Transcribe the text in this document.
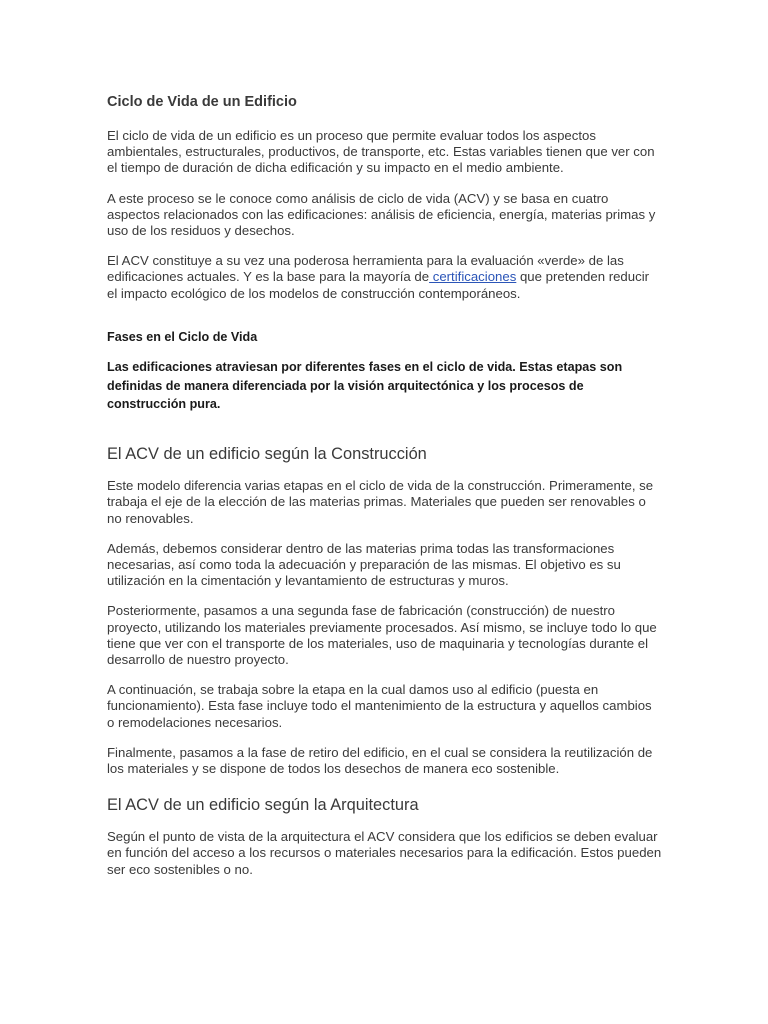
Ciclo de Vida de un Edificio

El ciclo de vida de un edificio es un proceso que permite evaluar todos los aspectos ambientales, estructurales, productivos, de transporte, etc. Estas variables tienen que ver con el tiempo de duración de dicha edificación y su impacto en el medio ambiente.

A este proceso se le conoce como análisis de ciclo de vida (ACV) y se basa en cuatro aspectos relacionados con las edificaciones: análisis de eficiencia, energía, materias primas y uso de los residuos y desechos.

El ACV constituye a su vez una poderosa herramienta para la evaluación «verde» de las edificaciones actuales. Y es la base para la mayoría de certificaciones que pretenden reducir el impacto ecológico de los modelos de construcción contemporáneos.

Fases en el Ciclo de Vida

Las edificaciones atraviesan por diferentes fases en el ciclo de vida. Estas etapas son definidas de manera diferenciada por la visión arquitectónica y los procesos de construcción pura.

El ACV de un edificio según la Construcción

Este modelo diferencia varias etapas en el ciclo de vida de la construcción. Primeramente, se trabaja el eje de la elección de las materias primas. Materiales que pueden ser renovables o no renovables.

Además, debemos considerar dentro de las materias prima todas las transformaciones necesarias, así como toda la adecuación y preparación de las mismas. El objetivo es su utilización en la cimentación y levantamiento de estructuras y muros.

Posteriormente, pasamos a una segunda fase de fabricación (construcción) de nuestro proyecto, utilizando los materiales previamente procesados. Así mismo, se incluye todo lo que tiene que ver con el transporte de los materiales, uso de maquinaria y tecnologías durante el desarrollo de nuestro proyecto.

A continuación, se trabaja sobre la etapa en la cual damos uso al edificio (puesta en funcionamiento). Esta fase incluye todo el mantenimiento de la estructura y aquellos cambios o remodelaciones necesarios.

Finalmente, pasamos a la fase de retiro del edificio, en el cual se considera la reutilización de los materiales y se dispone de todos los desechos de manera eco sostenible.

El ACV de un edificio según la Arquitectura

Según el punto de vista de la arquitectura el ACV considera que los edificios se deben evaluar en función del acceso a los recursos o materiales necesarios para la edificación. Estos pueden ser eco sostenibles o no.
